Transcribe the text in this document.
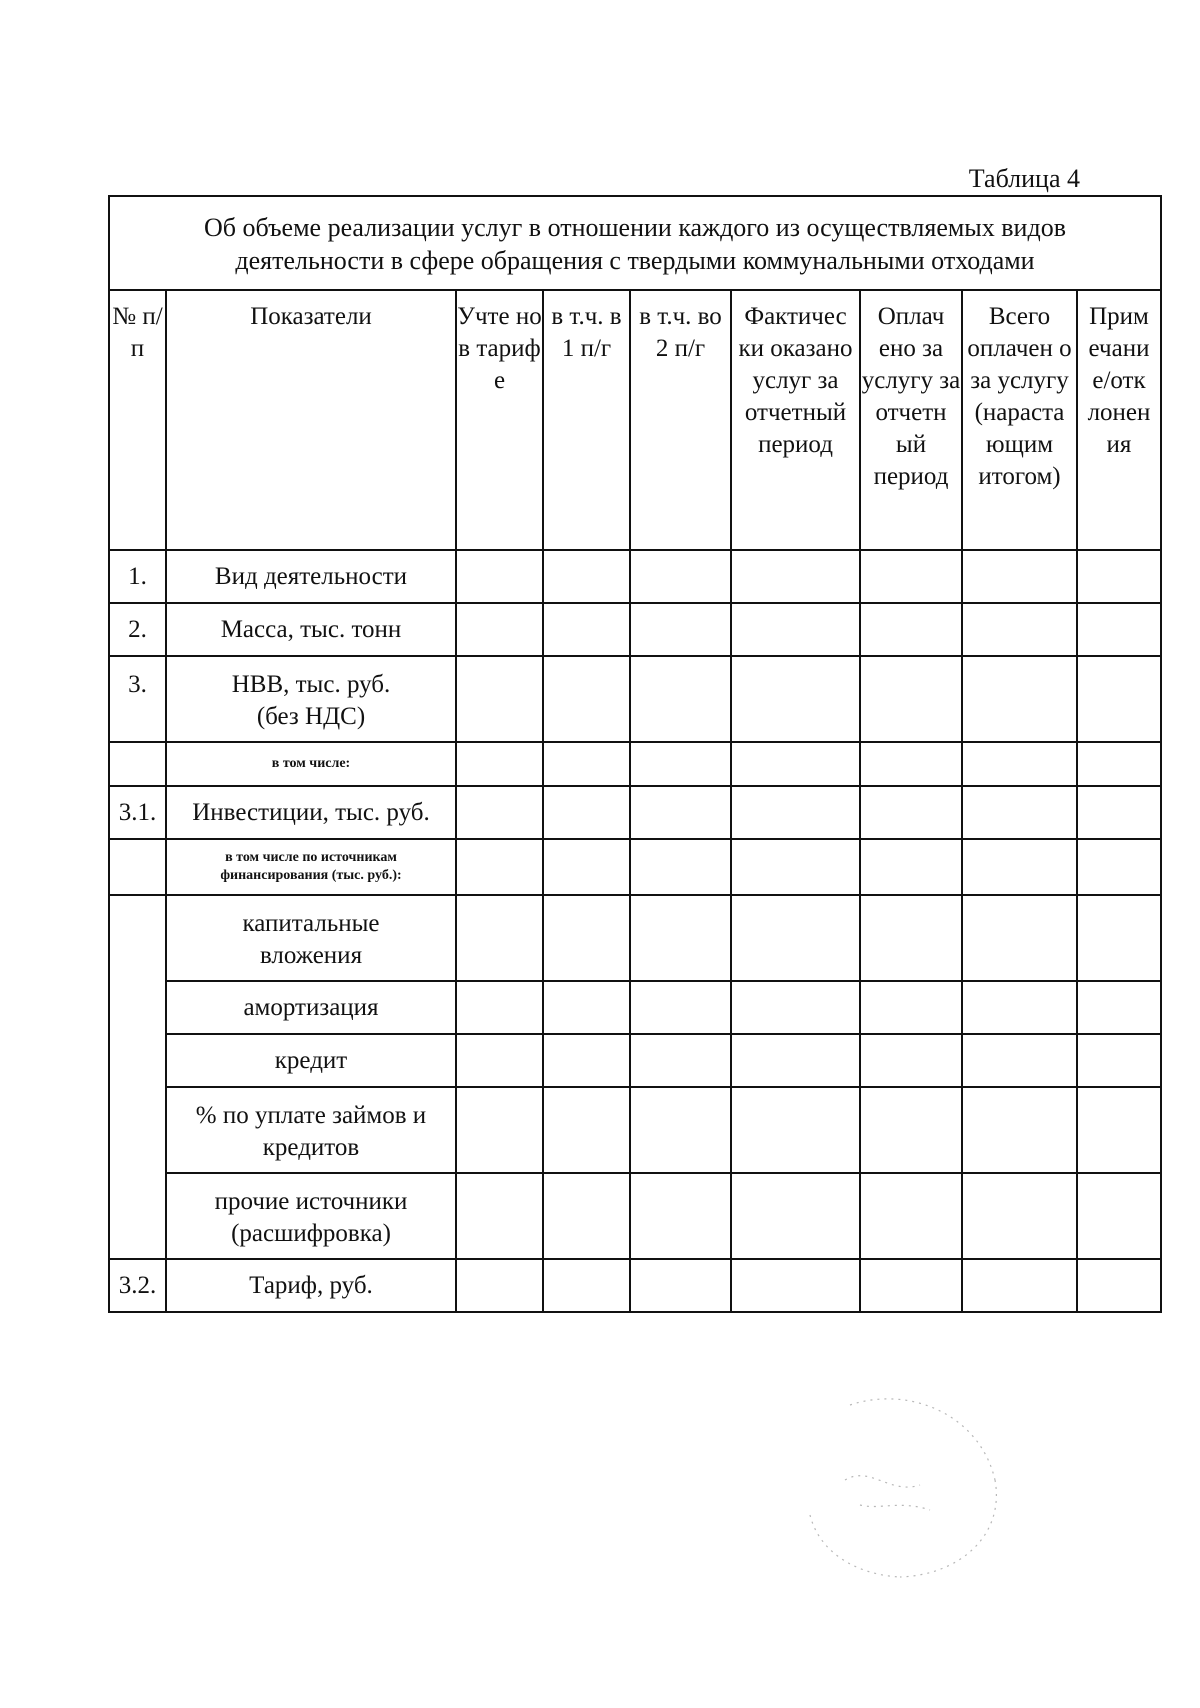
Таблица 4
Об объеме реализации услуг в отношении каждого из осуществляемых видов деятельности в сфере обращения с твердыми коммунальными отходами								
№ п/п	Показатели	Учте но в тариф е	в т.ч. в 1 п/г	в т.ч. во 2 п/г	Фактичес ки оказано услуг за отчетный период	Оплач ено за услугу за отчетн ый период	Всего оплачен о за услугу (нараста ющим итогом)	Прим ечани е/отк лонен ия
1.	Вид деятельности							
2.	Масса, тыс. тонн							
3.	НВВ, тыс. руб. (без НДС)							
	в том числе:							
3.1.	Инвестиции, тыс. руб.							
	в том числе по источникам финансирования (тыс. руб.):							
	капитальные вложения							
	амортизация							
	кредит							
	% по уплате займов и кредитов							
	прочие источники (расшифровка)							
3.2.	Тариф, руб.							
